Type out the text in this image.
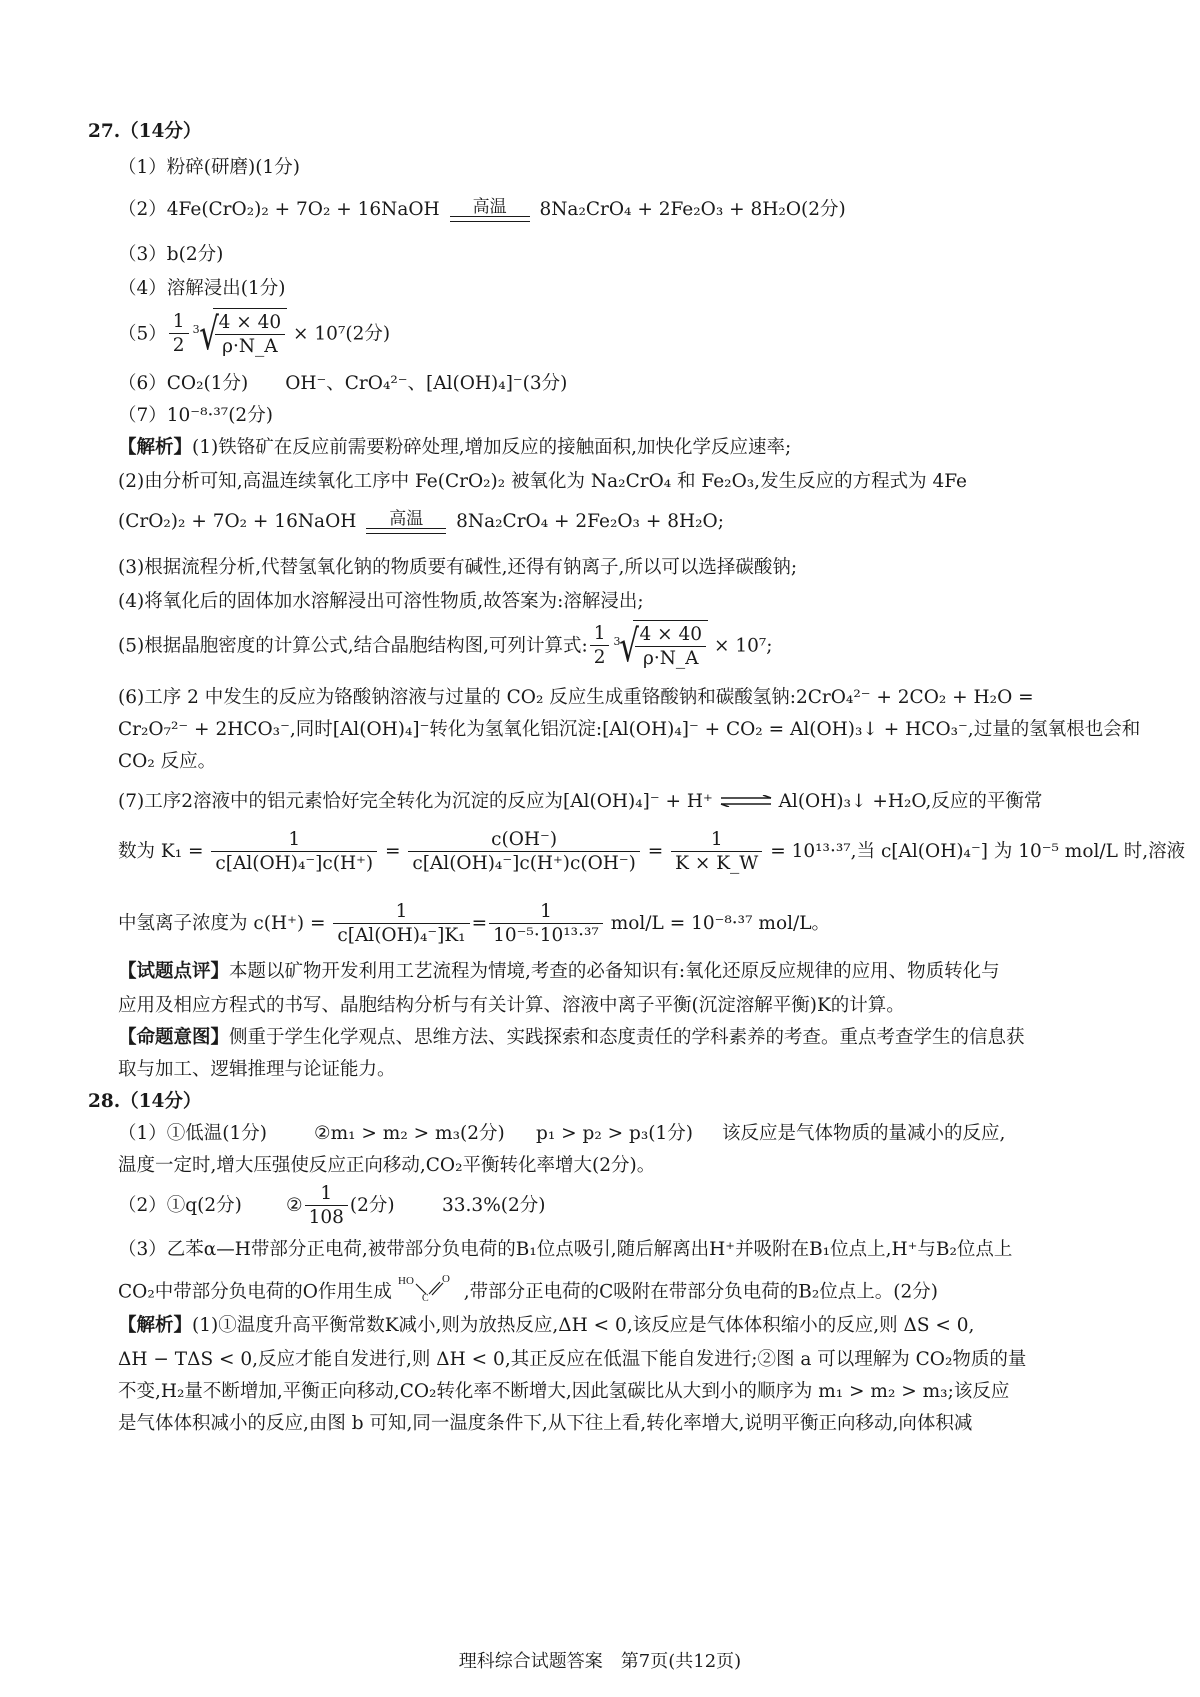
27.（14分）
（1）粉碎(研磨)(1分)
（2）4Fe(CrO₂)₂ + 7O₂ + 16NaOH	高温	8Na₂CrO₄ + 2Fe₂O₃ + 8H₂O(2分)
（3）b(2分)
（4）溶解浸出(1分)
$(5) \frac{1}{2} 3$ √
$\frac{4 \times 40}{\rho\cdot N\_A} \times 10^7(2$分)
（6）CO₂(1分)　　OH⁻、CrO₄²⁻、[Al(OH)₄]⁻(3分)
（7）10⁻⁸·³⁷(2分)
【解析】(1)铁铬矿在反应前需要粉碎处理,增加反应的接触面积,加快化学反应速率;
(2)由分析可知,高温连续氧化工序中 Fe(CrO₂)₂ 被氧化为 Na₂CrO₄ 和 Fe₂O₃,发生反应的方程式为 4Fe
(CrO₂)₂ + 7O₂ + 16NaOH	高温	8Na₂CrO₄ + 2Fe₂O₃ + 8H₂O;
(3)根据流程分析,代替氢氧化钠的物质要有碱性,还得有钠离子,所以可以选择碳酸钠;
(4)将氧化后的固体加水溶解浸出可溶性物质,故答案为:溶解浸出;
(5)根据晶胞密度的计算公式,结合晶胞结构图,可列计算式: $\frac{1}{2} 3$ √
$\frac{4 \times 40}{\rho\cdot N\_A} \times 10^7$;
(6)工序 2 中发生的反应为铬酸钠溶液与过量的 CO₂ 反应生成重铬酸钠和碳酸氢钠:2CrO₄²⁻ + 2CO₂ + H₂O =
Cr₂O₇²⁻ + 2HCO₃⁻,同时[Al(OH)₄]⁻转化为氢氧化铝沉淀:[Al(OH)₄]⁻ + CO₂ = Al(OH)₃↓ + HCO₃⁻,过量的氢氧根也会和
CO₂ 反应。
(7)工序2溶液中的铝元素恰好完全转化为沉淀的反应为[Al(OH)₄]⁻ + H⁺ ⇌ Al(OH)₃↓ +H₂O,反应的平衡常
数为 $K_1 = \frac{1}{\text{c[Al(OH)₄⁻]c(H⁺)}} = \frac{c(OH^-)}{\text{c[Al(OH)₄⁻]c(H⁺)c(OH⁻)}} = \frac{1}{K \times K\_W} = 10^{13}\cdot^{37}$,当 c[Al(OH)₄⁻] 为 10⁻⁵ mol/L 时,溶液
中氢离子浓度为 $c(H^+) = \frac{1}{\text{c[Al(OH)₄⁻]K₁}} = \frac{1}{\text{10⁻⁵·10¹³·³⁷}} mol/L = 10^{-8}\cdot^{37}$ mol/L。
【试题点评】本题以矿物开发利用工艺流程为情境,考查的必备知识有:氧化还原反应规律的应用、物质转化与
应用及相应方程式的书写、晶胞结构分析与有关计算、溶液中离子平衡(沉淀溶解平衡)K的计算。
【命题意图】侧重于学生化学观点、思维方法、实践探索和态度责任的学科素养的考查。重点考查学生的信息获
取与加工、逻辑推理与论证能力。
28.（14分）
（1）①低温(1分)	②m₁ > m₂ > m₃(2分) p₁ > p₂ > p₃(1分) 该反应是气体物质的量减小的反应,
温度一定时,增大压强使反应正向移动,CO₂平衡转化率增大(2分)。
（2）①q(2分) ② $\frac{1}{108} (2$分)	33.3%(2分)
（3）乙苯α—H带部分正电荷,被带部分负电荷的B₁位点吸引,随后解离出H⁺并吸附在B₁位点上,H⁺与B₂位点上
CO₂中带部分负电荷的O作用生成
HO
C
O
,带部分正电荷的C吸附在带部分负电荷的B₂位点上。(2分)
【解析】(1)①温度升高平衡常数K减小,则为放热反应,ΔH < 0,该反应是气体体积缩小的反应,则 ΔS < 0,
ΔH − TΔS < 0,反应才能自发进行,则 ΔH < 0,其正反应在低温下能自发进行;②图 a 可以理解为 CO₂物质的量
不变,H₂量不断增加,平衡正向移动,CO₂转化率不断增大,因此氢碳比从大到小的顺序为 m₁ > m₂ > m₃;该反应
是气体体积减小的反应,由图 b 可知,同一温度条件下,从下往上看,转化率增大,说明平衡正向移动,向体积减
理科综合试题答案　第7页(共12页)
